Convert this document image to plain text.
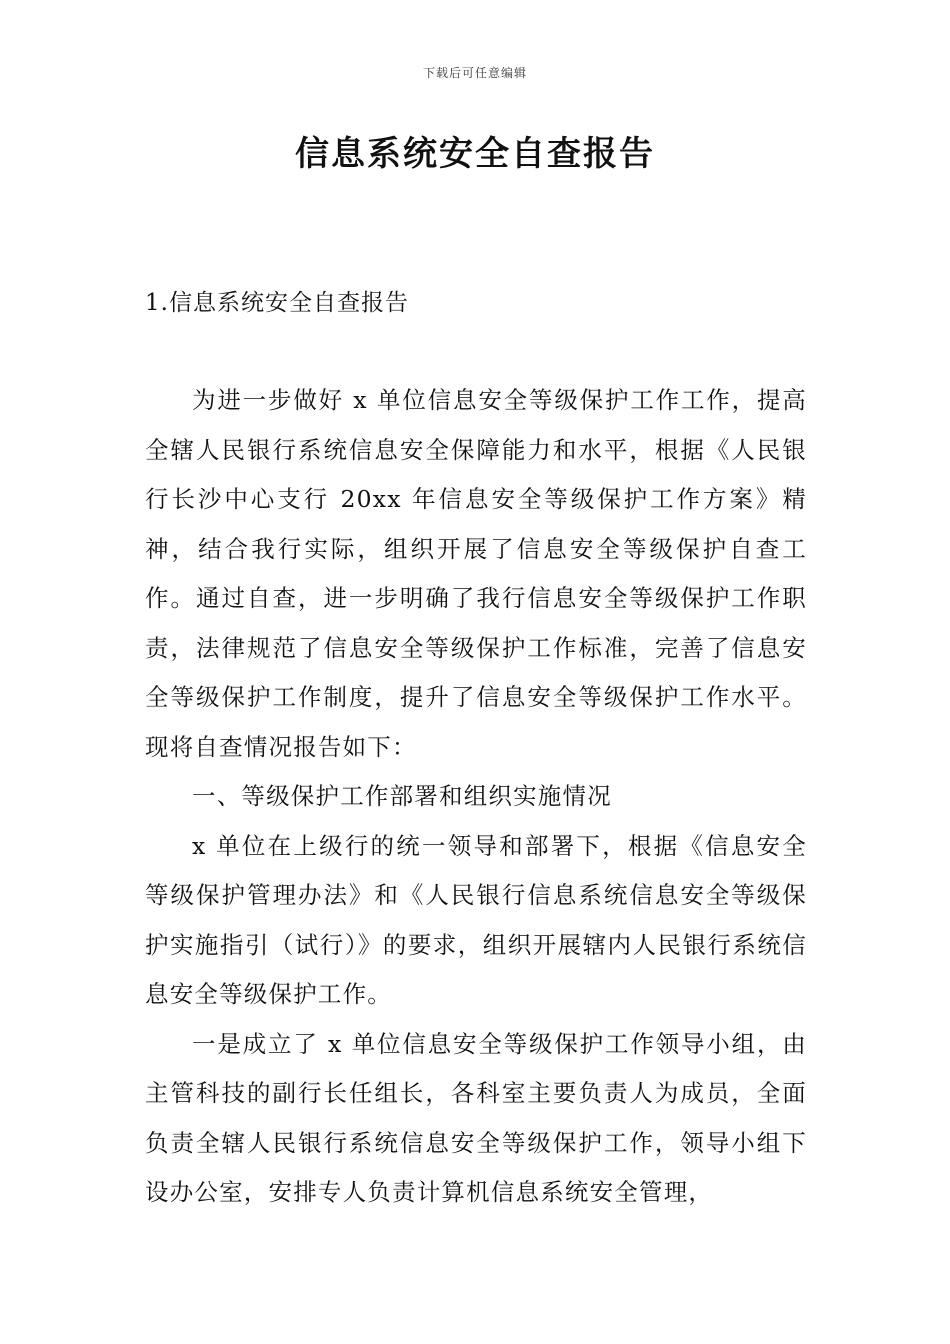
下载后可任意编辑
信息系统安全自查报告
1.信息系统安全自查报告

为进一步做好 x 单位信息安全等级保护工作工作，提高全辖人民银行系统信息安全保障能力和水平，根据《人民银行长沙中心支行 20xx 年信息安全等级保护工作方案》精神，结合我行实际，组织开展了信息安全等级保护自查工作。通过自查，进一步明确了我行信息安全等级保护工作职责，法律规范了信息安全等级保护工作标准，完善了信息安全等级保护工作制度，提升了信息安全等级保护工作水平。现将自查情况报告如下：

一、等级保护工作部署和组织实施情况

x 单位在上级行的统一领导和部署下，根据《信息安全等级保护管理办法》和《人民银行信息系统信息安全等级保护实施指引（试行）》的要求，组织开展辖内人民银行系统信息安全等级保护工作。

一是成立了 x 单位信息安全等级保护工作领导小组，由主管科技的副行长任组长，各科室主要负责人为成员，全面负责全辖人民银行系统信息安全等级保护工作，领导小组下设办公室，安排专人负责计算机信息系统安全管理，
